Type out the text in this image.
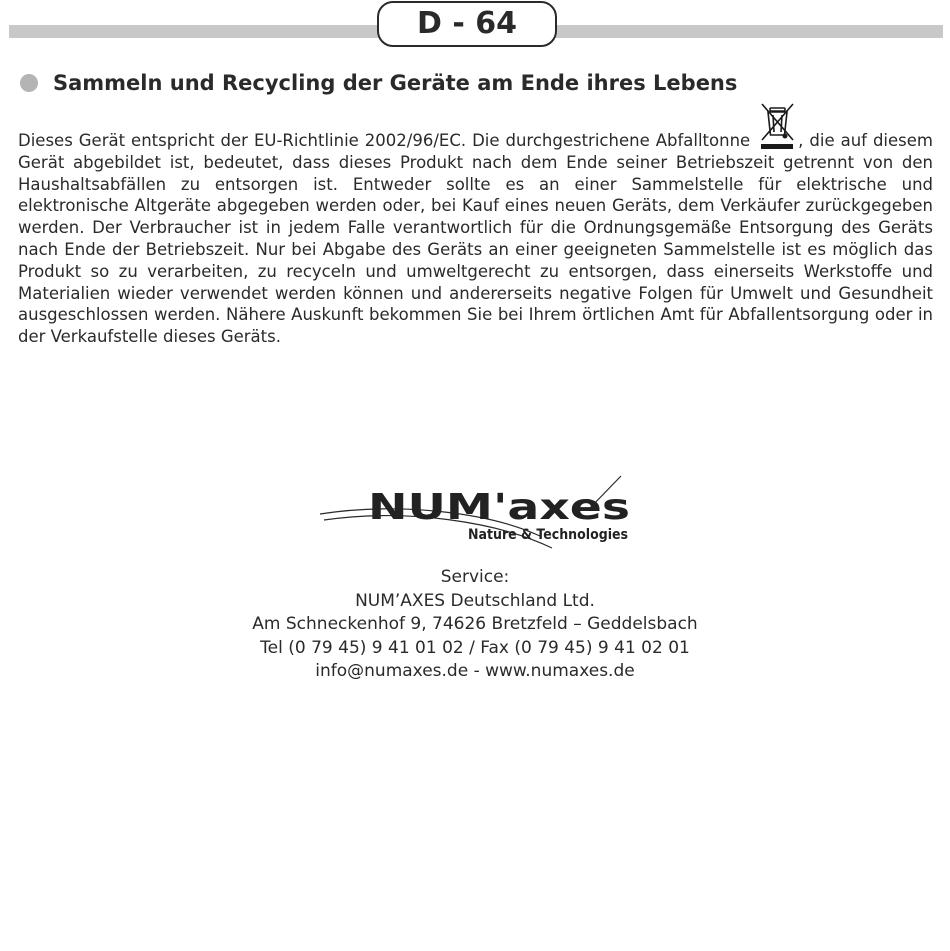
D - 64
Sammeln und Recycling der Geräte am Ende ihres Lebens

Dieses Gerät entspricht der EU-Richtlinie 2002/96/EC. Die durchgestrichene Abfalltonne	, die auf diesem Gerät abgebildet ist, bedeutet, dass dieses Produkt nach dem Ende seiner Betriebszeit getrennt von den Haushaltsabfällen zu entsorgen ist. Entweder sollte es an einer Sammelstelle für elektrische und elektronische Altgeräte abgegeben werden oder, bei Kauf eines neuen Geräts, dem Verkäufer zurückgegeben werden. Der Verbraucher ist in jedem Falle verantwortlich für die Ordnungsgemäße Entsorgung des Geräts nach Ende der Betriebszeit. Nur bei Abgabe des Geräts an einer geeigneten Sammelstelle ist es möglich das Produkt so zu verarbeiten, zu recyceln und umweltgerecht zu entsorgen, dass einerseits Werkstoffe und Materialien wieder verwendet werden können und andererseits negative Folgen für Umwelt und Gesundheit ausgeschlossen werden. Nähere Auskunft bekommen Sie bei Ihrem örtlichen Amt für Abfallentsorgung oder in der Verkaufstelle dieses Geräts.

NUM'axes
Nature & Technologies
Service:
NUM’AXES Deutschland Ltd.
Am Schneckenhof 9, 74626 Bretzfeld – Geddelsbach
Tel (0 79 45) 9 41 01 02 / Fax (0 79 45) 9 41 02 01
info@numaxes.de - www.numaxes.de
